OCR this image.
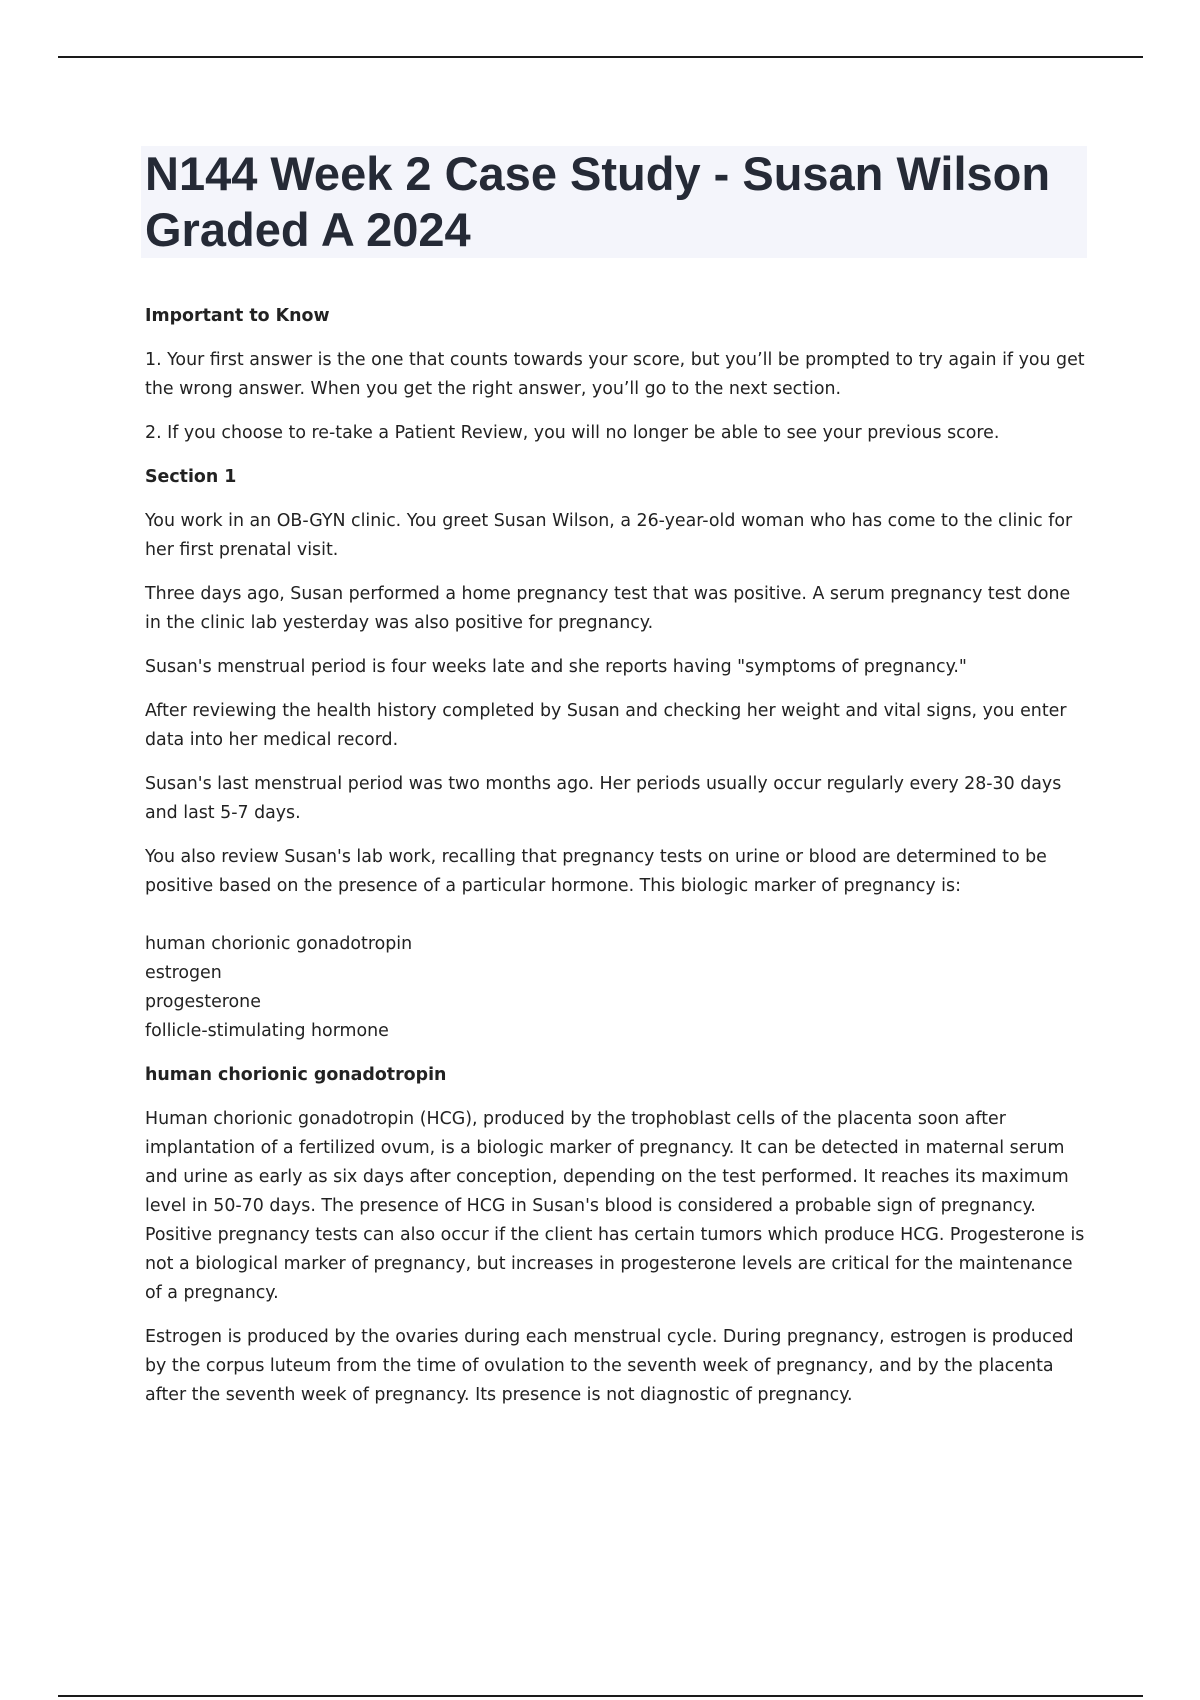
N144 Week 2 Case Study - Susan Wilson
Graded A 2024

Important to Know

1. Your first answer is the one that counts towards your score, but you’ll be prompted to try again if you get the wrong answer. When you get the right answer, you’ll go to the next section.

2. If you choose to re-take a Patient Review, you will no longer be able to see your previous score.

Section 1

You work in an OB-GYN clinic. You greet Susan Wilson, a 26-year-old woman who has come to the clinic for her first prenatal visit.

Three days ago, Susan performed a home pregnancy test that was positive. A serum pregnancy test done in the clinic lab yesterday was also positive for pregnancy.

Susan's menstrual period is four weeks late and she reports having "symptoms of pregnancy."

After reviewing the health history completed by Susan and checking her weight and vital signs, you enter data into her medical record.

Susan's last menstrual period was two months ago. Her periods usually occur regularly every 28-30 days and last 5-7 days.

You also review Susan's lab work, recalling that pregnancy tests on urine or blood are determined to be positive based on the presence of a particular hormone. This biologic marker of pregnancy is:

human chorionic gonadotropin
estrogen
progesterone
follicle-stimulating hormone

human chorionic gonadotropin

Human chorionic gonadotropin (HCG), produced by the trophoblast cells of the placenta soon after implantation of a fertilized ovum, is a biologic marker of pregnancy. It can be detected in maternal serum and urine as early as six days after conception, depending on the test performed. It reaches its maximum level in 50-70 days. The presence of HCG in Susan's blood is considered a probable sign of pregnancy. Positive pregnancy tests can also occur if the client has certain tumors which produce HCG. Progesterone is not a biological marker of pregnancy, but increases in progesterone levels are critical for the maintenance of a pregnancy.

Estrogen is produced by the ovaries during each menstrual cycle. During pregnancy, estrogen is produced by the corpus luteum from the time of ovulation to the seventh week of pregnancy, and by the placenta after the seventh week of pregnancy. Its presence is not diagnostic of pregnancy.
